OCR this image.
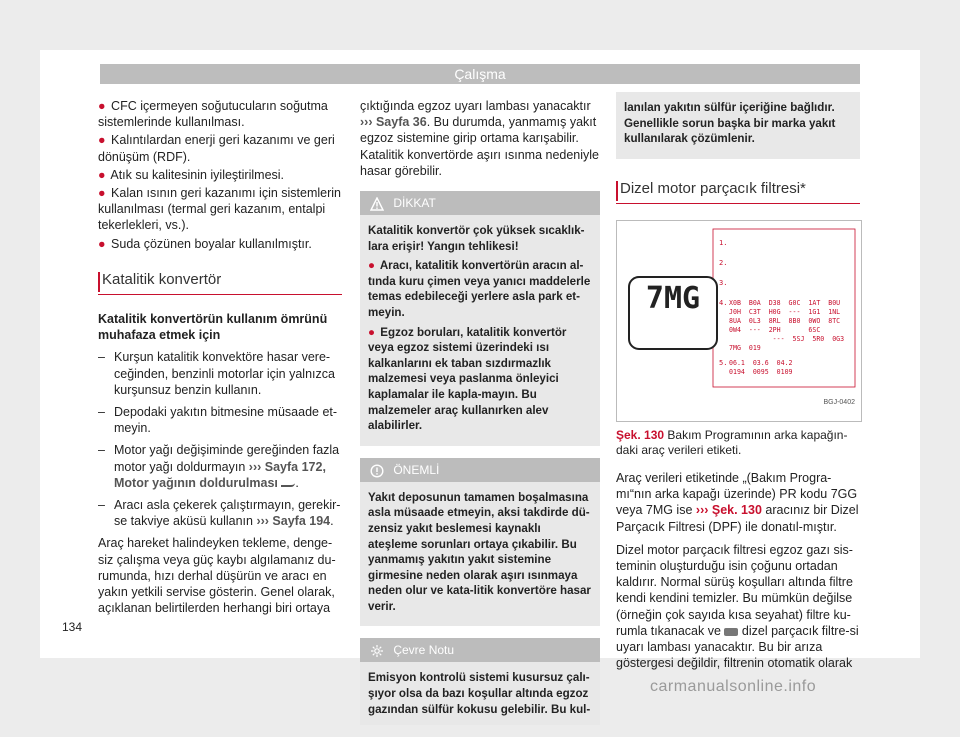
Çalışma

● CFC içermeyen soğutucuların soğutma sistemlerinde kullanılması.

● Kalıntılardan enerji geri kazanımı ve geri dönüşüm (RDF).

● Atık su kalitesinin iyileştirilmesi.

● Kalan ısının geri kazanımı için sistemlerin kullanılması (termal geri kazanım, entalpi tekerlekleri, vs.).

● Suda çözünen boyalar kullanılmıştır.

Katalitik konvertör

Katalitik konvertörün kullanım ömrünü muhafaza etmek için

– Kurşun katalitik konvektöre hasar vere-ceğinden, benzinli motorlar için yalnızca kurşunsuz benzin kullanın.

– Depodaki yakıtın bitmesine müsaade et-meyin.

– Motor yağı değişiminde gereğinden fazla motor yağı doldurmayın ››› Sayfa 172, Motor yağının doldurulması .

– Aracı asla çekerek çalıştırmayın, gerekir-se takviye aküsü kullanın ››› Sayfa 194.

Araç hareket halindeyken tekleme, denge-siz çalışma veya güç kaybı algılamanız du-rumunda, hızı derhal düşürün ve aracı en yakın yetkili servise gösterin. Genel olarak, açıklanan belirtilerden herhangi biri ortaya

çıktığında egzoz uyarı lambası yanacaktır ››› Sayfa 36. Bu durumda, yanmamış yakıt egzoz sistemine girip ortama karışabilir. Katalitik konvertörde aşırı ısınma nedeniyle hasar görebilir.

DİKKAT

Katalitik konvertör çok yüksek sıcaklık-lara erişir! Yangın tehlikesi!

● Aracı, katalitik konvertörün aracın al-tında kuru çimen veya yanıcı maddelerle temas edebileceği yerlere asla park et-meyin.

● Egzoz boruları, katalitik konvertör veya egzoz sistemi üzerindeki ısı kalkanlarını ek taban sızdırmazlık malzemesi veya paslanma önleyici kaplamalar ile kapla-mayın. Bu malzemeler araç kullanırken alev alabilirler.

ÖNEMLİ

Yakıt deposunun tamamen boşalmasına asla müsaade etmeyin, aksi takdirde dü-zensiz yakıt beslemesi kaynaklı ateşleme sorunları ortaya çıkabilir. Bu yanmamış yakıtın yakıt sistemine girmesine neden olarak aşırı ısınmaya neden olur ve kata-litik konvertöre hasar verir.

Çevre Notu

Emisyon kontrolü sistemi kusursuz çalı-şıyor olsa da bazı koşullar altında egzoz gazından sülfür kokusu gelebilir. Bu kul-

lanılan yakıtın sülfür içeriğine bağlıdır. Genellikle sorun başka bir marka yakıt kullanılarak çözümlenir.

Dizel motor parçacık filtresi*
7MG
1.
2.
3.
4.
5.
X0B  B0A  D38  G0C  1AT  B0U
J0H  C3T  H0G  ---  1G1  1NL
8UA  0L3  8RL  8B0  0WO  8TC
0W4  ---  2PH       6SC
---  5SJ  5R0  0G3
7MG  019
06.1  03.6  04.2
0194  0095  0109
BGJ-0402

Şek. 130 Bakım Programının arka kapağın-daki araç verileri etiketi.

Araç verileri etiketinde „(Bakım Progra-mı“nın arka kapağı üzerinde) PR kodu 7GG veya 7MG ise ››› Şek. 130 aracınız bir Dizel Parçacık Filtresi (DPF) ile donatıl-mıştır.

Dizel motor parçacık filtresi egzoz gazı sis-teminin oluşturduğu isin çoğunu ortadan kaldırır. Normal sürüş koşulları altında filtre kendi kendini temizler. Bu mümkün değilse (örneğin çok sayıda kısa seyahat) filtre ku-rumla tıkanacak ve dizel parçacık filtre-si uyarı lambası yanacaktır. Bu bir arıza göstergesi değildir, filtrenin otomatik olarak

134
carmanualsonline.info
